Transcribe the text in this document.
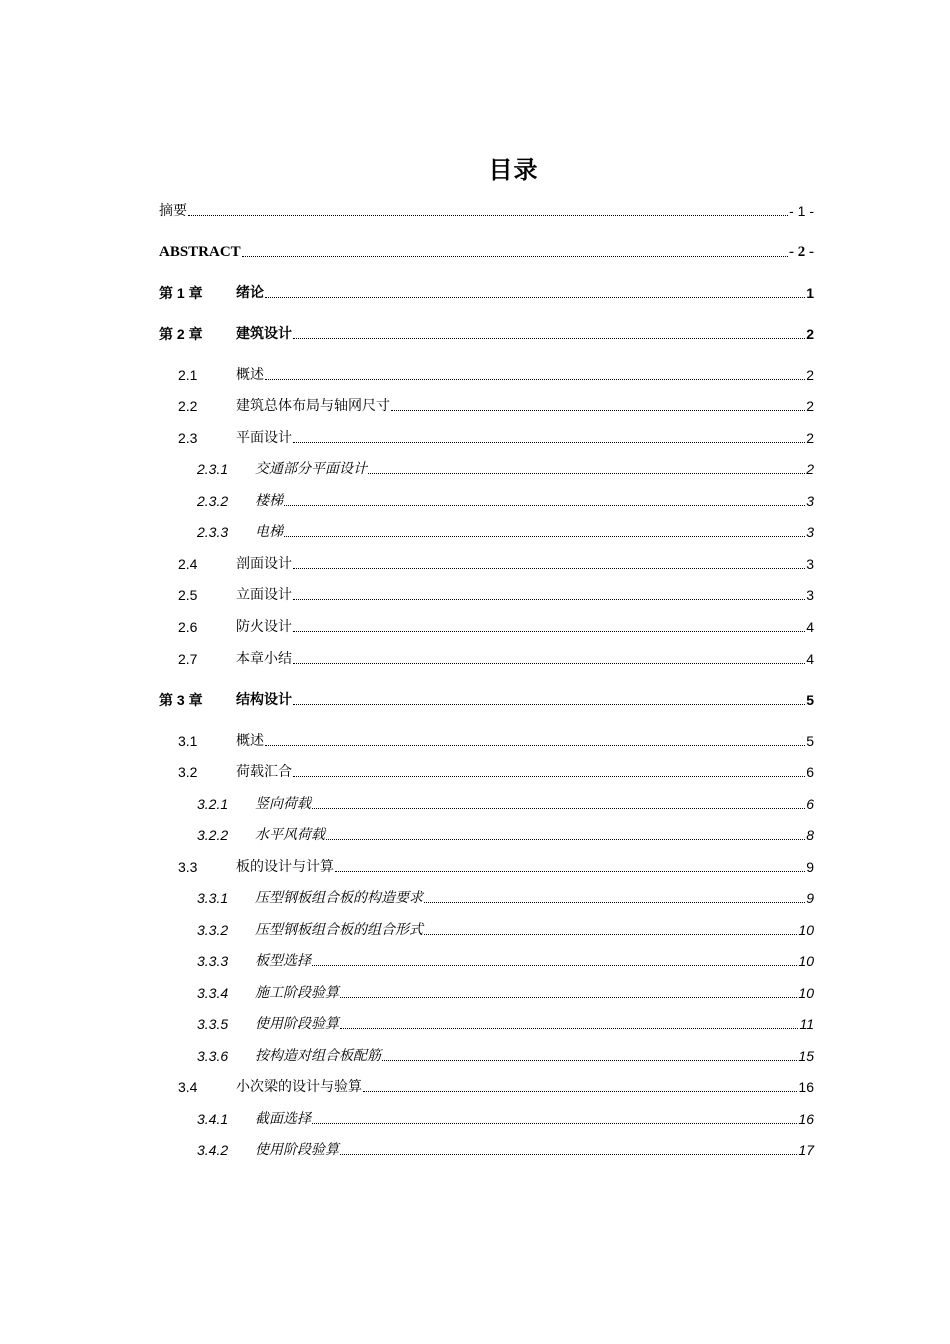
目录
摘要	- 1 -
ABSTRACT	- 2 -
第 1 章	绪论	1
第 2 章	建筑设计	2
2.1	概述	2
2.2	建筑总体布局与轴网尺寸	2
2.3	平面设计	2
2.3.1 交通部分平面设计	2
2.3.2 楼梯	3
2.3.3 电梯	3
2.4	剖面设计	3
2.5	立面设计	3
2.6	防火设计	4
2.7	本章小结	4
第 3 章	结构设计	5
3.1	概述	5
3.2	荷载汇合	6
3.2.1 竖向荷载	6
3.2.2 水平风荷载	8
3.3	板的设计与计算	9
3.3.1 压型钢板组合板的构造要求	9
3.3.2 压型钢板组合板的组合形式	10
3.3.3 板型选择	10
3.3.4 施工阶段验算	10
3.3.5 使用阶段验算	11
3.3.6 按构造对组合板配筋	15
3.4	小次梁的设计与验算	16
3.4.1 截面选择	16
3.4.2 使用阶段验算	17
